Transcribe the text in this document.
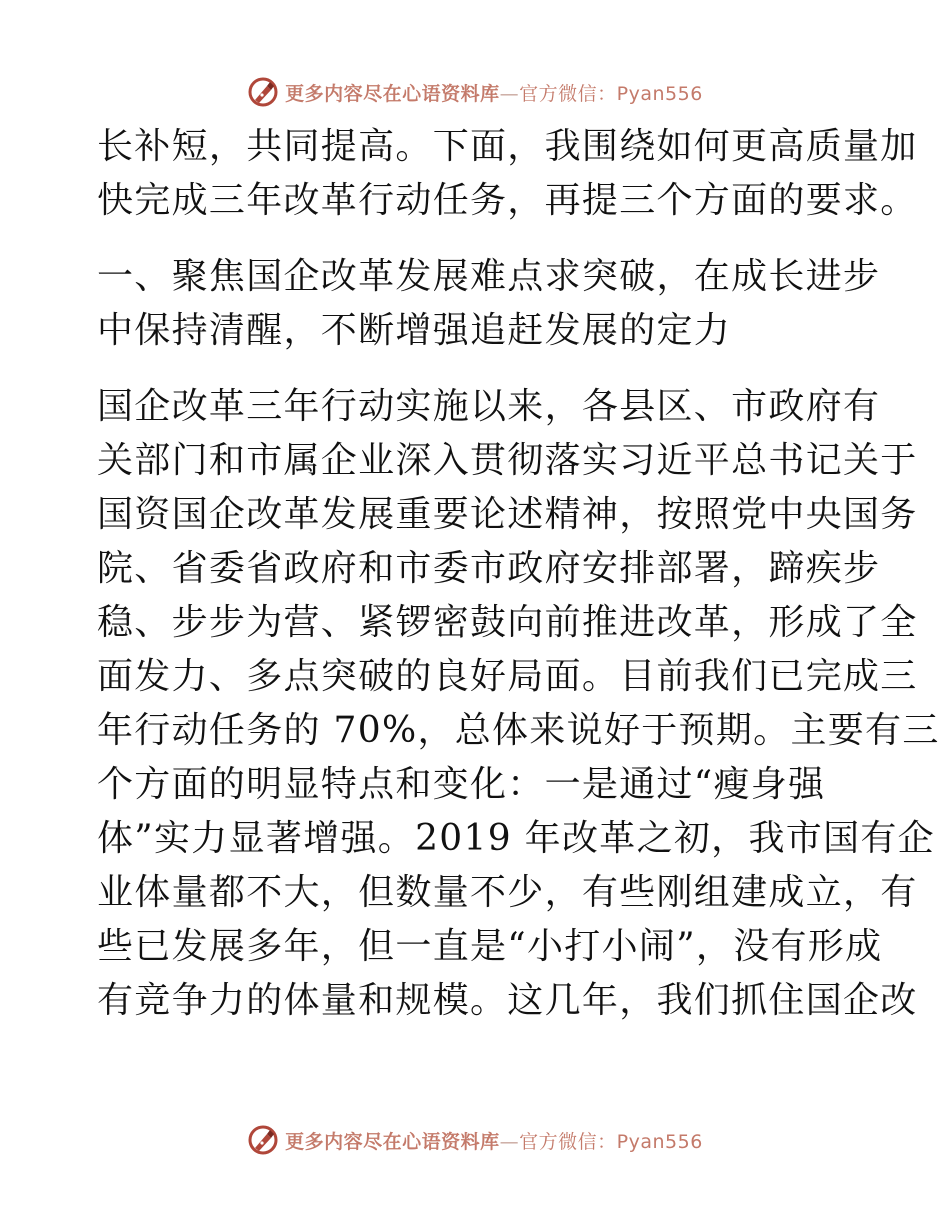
更多内容尽在心语资料库—官方微信：Pyan556
长补短，共同提高。下面，我围绕如何更高质量加
快完成三年改革行动任务，再提三个方面的要求。
一、聚焦国企改革发展难点求突破，在成长进步
中保持清醒，不断增强追赶发展的定力
国企改革三年行动实施以来，各县区、市政府有
关部门和市属企业深入贯彻落实习近平总书记关于
国资国企改革发展重要论述精神，按照党中央国务
院、省委省政府和市委市政府安排部署，蹄疾步
稳、步步为营、紧锣密鼓向前推进改革，形成了全
面发力、多点突破的良好局面。目前我们已完成三
年行动任务的 70%，总体来说好于预期。主要有三
个方面的明显特点和变化：一是通过“瘦身强
体”实力显著增强。2019 年改革之初，我市国有企
业体量都不大，但数量不少，有些刚组建成立，有
些已发展多年，但一直是“小打小闹”，没有形成
有竞争力的体量和规模。这几年，我们抓住国企改
更多内容尽在心语资料库—官方微信：Pyan556
